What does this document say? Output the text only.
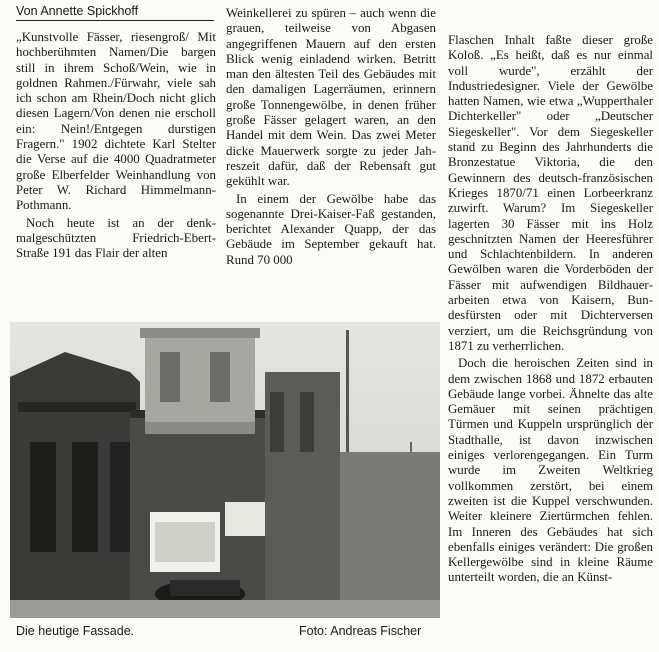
Von Annette Spickhoff

„Kunstvolle Fässer, riesengroß/ Mit hochberühmten Namen/Die bargen still in ihrem Schoß/Wein, wie in goldnen Rahmen./Fürwahr, viele sah ich schon am Rhein/Doch nicht glich diesen Lagern/Von denen nie erscholl ein: Nein!/Entgegen durstigen Fragern." 1902 dichtete Karl Stelter die Verse auf die 4000 Quadratmeter große Elberfelder Weinhandlung von Peter W. Richard Himmelmann-Pothmann.

Noch heute ist an der denkmalgeschützten Friedrich-Ebert-Straße 191 das Flair der alten

Weinkellerei zu spüren – auch wenn die grauen, teilweise von Abgasen angegriffenen Mauern auf den ersten Blick wenig einladend wirken. Betritt man den ältesten Teil des Gebäudes mit den damaligen Lagerräumen, erinnern große Tonnengewölbe, in denen früher große Fässer gelagert waren, an den Handel mit dem Wein. Das zwei Meter dicke Mauerwerk sorgte zu jeder Jahreszeit dafür, daß der Rebensaft gut gekühlt war.

In einem der Gewölbe habe das sogenannte Drei-Kaiser-Faß gestanden, berichtet Alexander Quapp, der das Gebäude im September gekauft hat. Rund 70 000

Flaschen Inhalt faßte dieser große Koloß. „Es heißt, daß es nur einmal voll wurde", erzählt der Industriedesigner. Viele der Gewölbe hatten Namen, wie etwa „Wupperthaler Dichterkeller" oder „Deutscher Siegeskeller". Vor dem Siegeskeller stand zu Beginn des Jahrhunderts die Bronzestatue Viktoria, die den Gewinnern des deutsch-französischen Krieges 1870/71 einen Lorbeerkranz zuwirft. Warum? Im Siegeskeller lagerten 30 Fässer mit ins Holz geschnitzten Namen der Heeresführer und Schlachtenbildern. In anderen Gewölben waren die Vorderböden der Fässer mit aufwendigen Bildhauerarbeiten etwa von Kaisern, Bundesfürsten oder mit Dichterversen verziert, um die Reichsgründung von 1871 zu verherrlichen.

Doch die heroischen Zeiten sind in dem zwischen 1868 und 1872 erbauten Gebäude lange vorbei. Ähnelte das alte Gemäuer mit seinen prächtigen Türmen und Kuppeln ursprünglich der Stadthalle, ist davon inzwischen einiges verlorengegangen. Ein Turm wurde im Zweiten Weltkrieg vollkommen zerstört, bei einem zweiten ist die Kuppel verschwunden. Weiter kleinere Ziertürmchen fehlen. Im Inneren des Gebäudes hat sich ebenfalls einiges verändert: Die großen Kellergewölbe sind in kleine Räume unterteilt worden, die an Künst-

Die heutige Fassade.	Foto: Andreas Fischer
